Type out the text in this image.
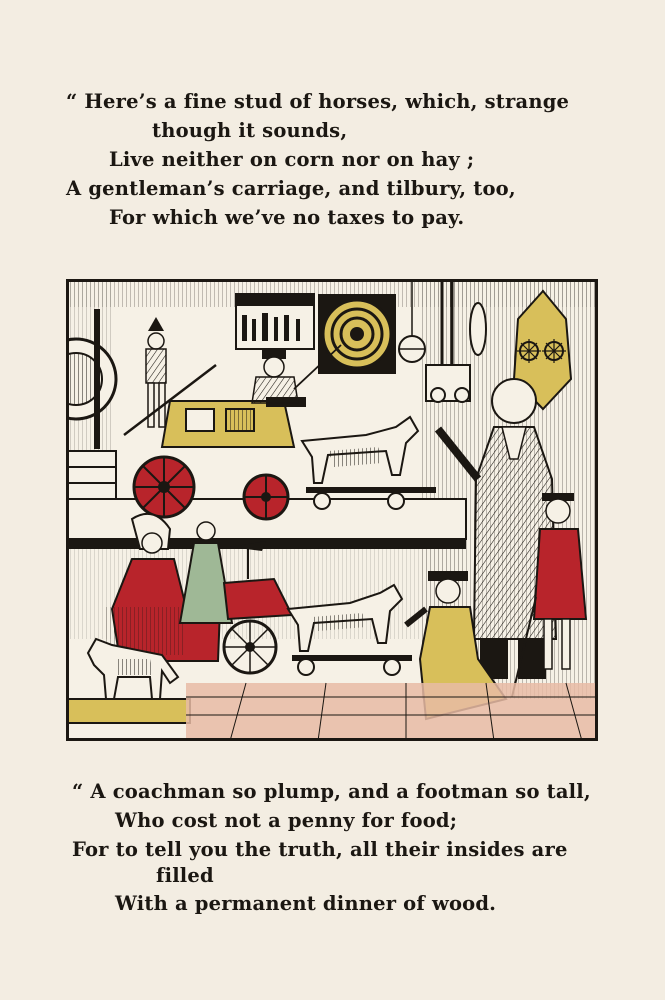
“ Here’s a fine stud of horses, which, strange
though it sounds,
Live neither on corn nor on hay ;
A gentleman’s carriage, and tilbury, too,
For which we’ve no taxes to pay.
“ A coachman so plump, and a footman so tall,
Who cost not a penny for food;
For to tell you the truth, all their insides are
filled
With a permanent dinner of wood.
